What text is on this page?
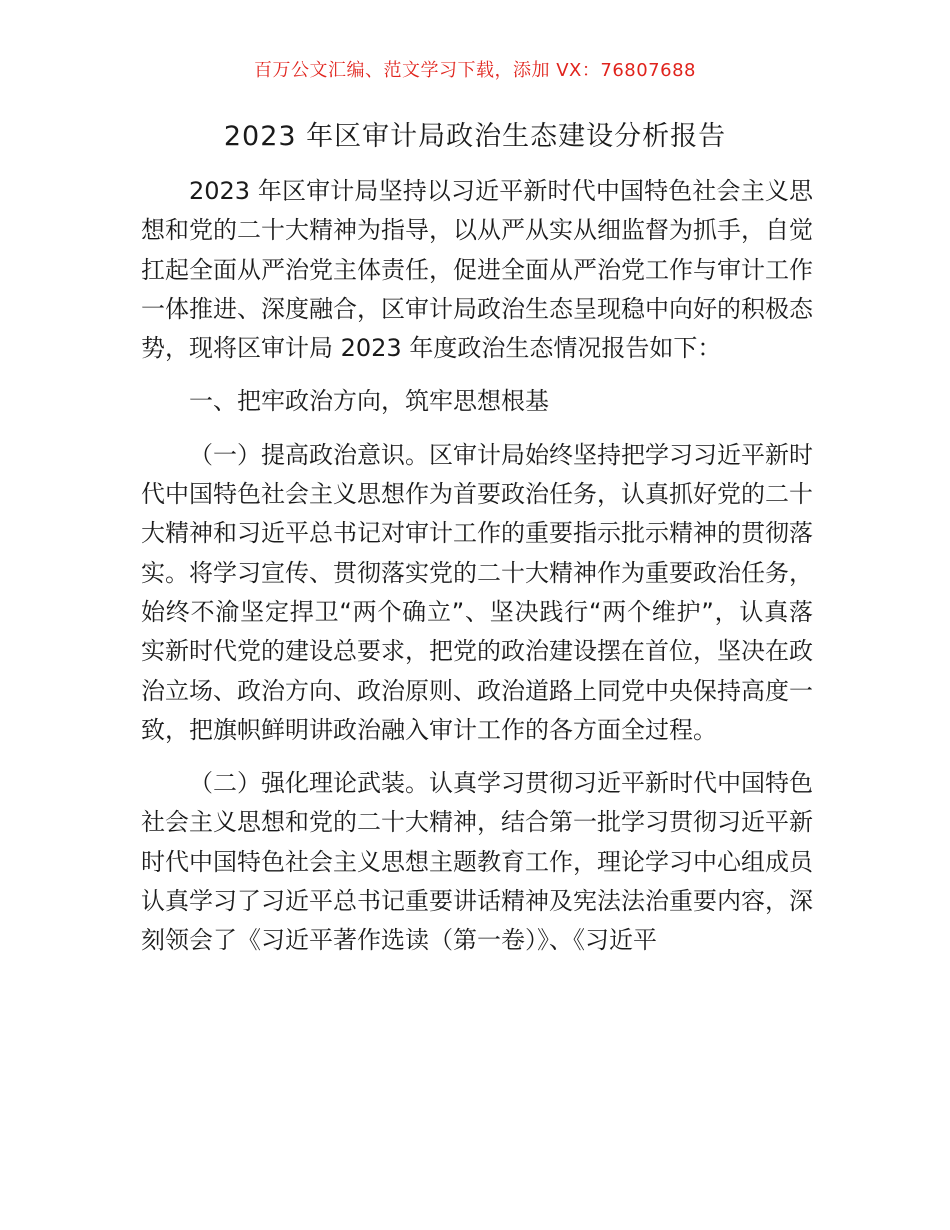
百万公文汇编、范文学习下载，添加 VX：76807688
2023 年区审计局政治生态建设分析报告

2023 年区审计局坚持以习近平新时代中国特色社会主义思想和党的二十大精神为指导，以从严从实从细监督为抓手，自觉扛起全面从严治党主体责任，促进全面从严治党工作与审计工作一体推进、深度融合，区审计局政治生态呈现稳中向好的积极态势，现将区审计局 2023 年度政治生态情况报告如下：

一、把牢政治方向，筑牢思想根基

（一）提高政治意识。区审计局始终坚持把学习习近平新时代中国特色社会主义思想作为首要政治任务，认真抓好党的二十大精神和习近平总书记对审计工作的重要指示批示精神的贯彻落实。将学习宣传、贯彻落实党的二十大精神作为重要政治任务，始终不渝坚定捍卫“两个确立”、坚决践行“两个维护”，认真落实新时代党的建设总要求，把党的政治建设摆在首位，坚决在政治立场、政治方向、政治原则、政治道路上同党中央保持高度一致，把旗帜鲜明讲政治融入审计工作的各方面全过程。

（二）强化理论武装。认真学习贯彻习近平新时代中国特色社会主义思想和党的二十大精神，结合第一批学习贯彻习近平新时代中国特色社会主义思想主题教育工作，理论学习中心组成员认真学习了习近平总书记重要讲话精神及宪法法治重要内容，深刻领会了《习近平著作选读（第一卷）》、《习近平
